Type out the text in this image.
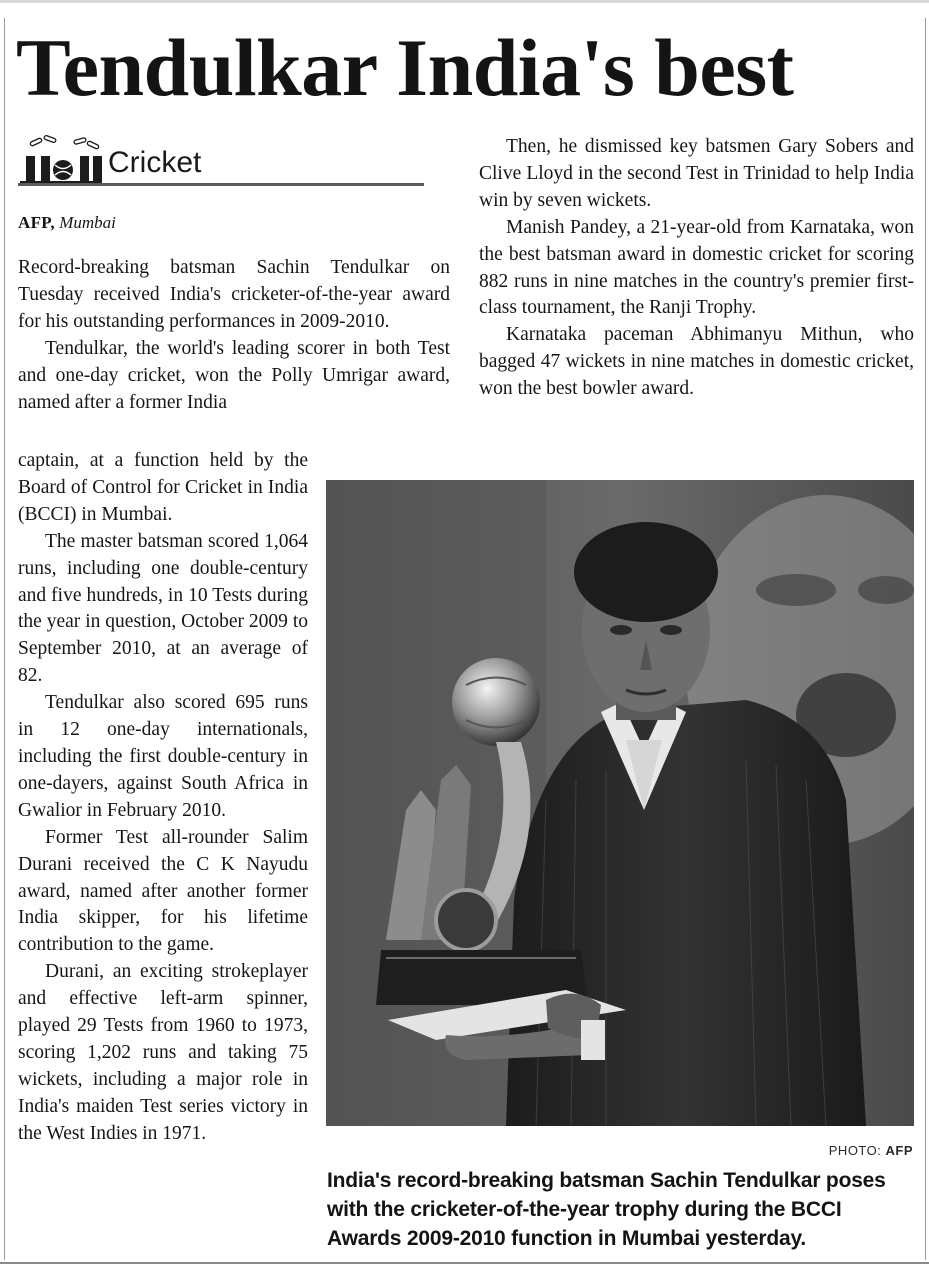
Tendulkar India's best
Cricket
AFP, Mumbai

Record-breaking batsman Sachin Tendulkar on Tuesday received India's cricketer-of-the-year award for his outstanding performances in 2009-2010.

Tendulkar, the world's leading scorer in both Test and one-day cricket, won the Polly Umrigar award, named after a former India

captain, at a function held by the Board of Control for Cricket in India (BCCI) in Mumbai.

The master batsman scored 1,064 runs, including one double-century and five hundreds, in 10 Tests during the year in question, October 2009 to September 2010, at an average of 82.

Tendulkar also scored 695 runs in 12 one-day internationals, including the first double-century in one-dayers, against South Africa in Gwalior in February 2010.

Former Test all-rounder Salim Durani received the C K Nayudu award, named after another former India skipper, for his lifetime contribution to the game.

Durani, an exciting strokeplayer and effective left-arm spinner, played 29 Tests from 1960 to 1973, scoring 1,202 runs and taking 75 wickets, including a major role in India's maiden Test series victory in the West Indies in 1971.

Then, he dismissed key batsmen Gary Sobers and Clive Lloyd in the second Test in Trinidad to help India win by seven wickets.

Manish Pandey, a 21-year-old from Karnataka, won the best batsman award in domestic cricket for scoring 882 runs in nine matches in the country's premier first-class tournament, the Ranji Trophy.

Karnataka paceman Abhimanyu Mithun, who bagged 47 wickets in nine matches in domestic cricket, won the best bowler award.

PHOTO: AFP

India's record-breaking batsman Sachin Tendulkar poses with the cricketer-of-the-year trophy during the BCCI Awards 2009-2010 function in Mumbai yesterday.
